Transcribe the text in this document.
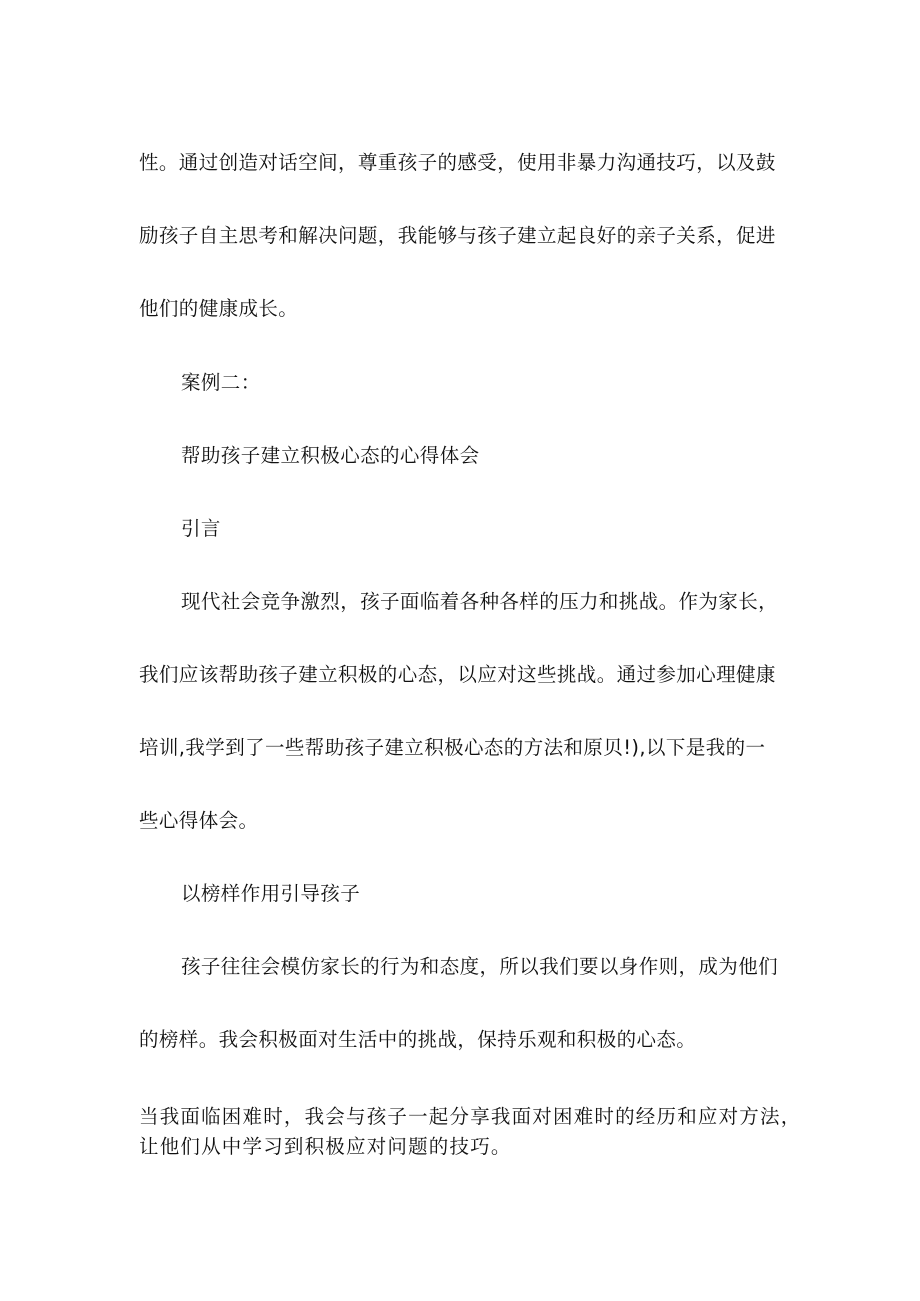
性。通过创造对话空间，尊重孩子的感受，使用非暴力沟通技巧，以及鼓
励孩子自主思考和解决问题，我能够与孩子建立起良好的亲子关系，促进
他们的健康成长。
案例二：
帮助孩子建立积极心态的心得体会
引言
现代社会竞争激烈，孩子面临着各种各样的压力和挑战。作为家长，
我们应该帮助孩子建立积极的心态，以应对这些挑战。通过参加心理健康
培训,我学到了一些帮助孩子建立积极心态的方法和原贝!),以下是我的一
些心得体会。
以榜样作用引导孩子
孩子往往会模仿家长的行为和态度，所以我们要以身作则，成为他们
的榜样。我会积极面对生活中的挑战，保持乐观和积极的心态。
当我面临困难时，我会与孩子一起分享我面对困难时的经历和应对方法，
让他们从中学习到积极应对问题的技巧。
